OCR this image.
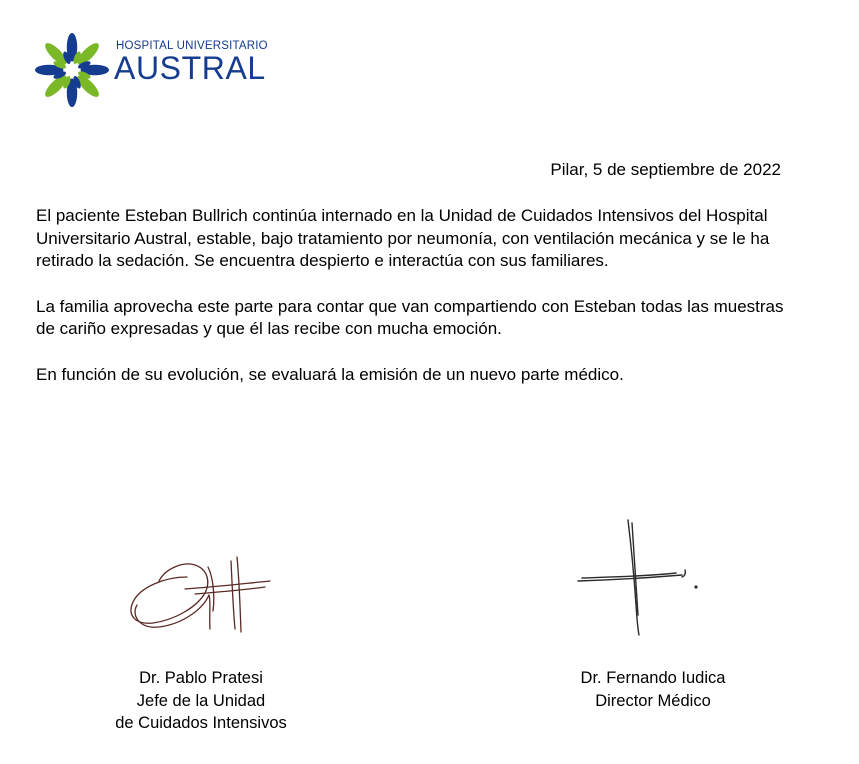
HOSPITAL UNIVERSITARIO
AUSTRAL
Pilar, 5 de septiembre de 2022

El paciente Esteban Bullrich continúa internado en la Unidad de Cuidados Intensivos del Hospital Universitario Austral, estable, bajo tratamiento por neumonía, con ventilación mecánica y se le ha retirado la sedación. Se encuentra despierto e interactúa con sus familiares.

La familia aprovecha este parte para contar que van compartiendo con Esteban todas las muestras de cariño expresadas y que él las recibe con mucha emoción.

En función de su evolución, se evaluará la emisión de un nuevo parte médico.

Dr. Pablo Pratesi
Jefe de la Unidad
de Cuidados Intensivos
Dr. Fernando Iudica
Director Médico
